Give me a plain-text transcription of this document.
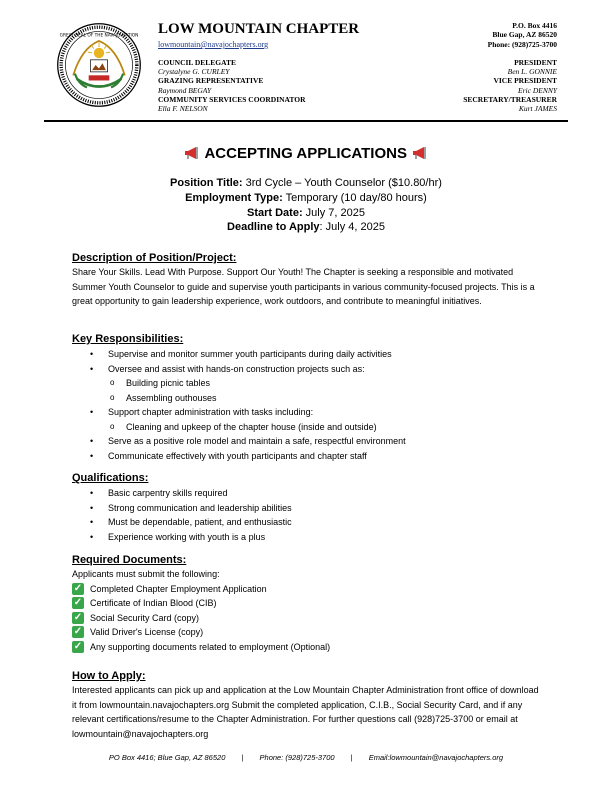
GREAT SEAL OF THE NAVAJO NATION LOW MOUNTAIN CHAPTER
lowmountain@navajochapters.org
COUNCIL DELEGATE
Crystalyne G. CURLEY
GRAZING REPRESENTATIVE
Raymond BEGAY
COMMUNITY SERVICES COORDINATOR
Ella F. NELSON
P.O. Box 4416
Blue Gap, AZ 86520
Phone: (928)725-3700
PRESIDENT
Ben L. GONNIE
VICE PRESIDENT
Eric DENNY
SECRETARY/TREASURER
Kurt JAMES
ACCEPTING APPLICATIONS
Position Title: 3rd Cycle – Youth Counselor ($10.80/hr)
Employment Type: Temporary (10 day/80 hours)
Start Date: July 7, 2025
Deadline to Apply: July 4, 2025

Description of Position/Project:

Share Your Skills. Lead With Purpose. Support Our Youth! The Chapter is seeking a responsible and motivated Summer Youth Counselor to guide and supervise youth participants in various community-focused projects. This is a great opportunity to gain leadership experience, work outdoors, and contribute to meaningful initiatives.

Key Responsibilities:

• Supervise and monitor summer youth participants during daily activities
• Oversee and assist with hands-on construction projects such as:
o Building picnic tables
o Assembling outhouses
• Support chapter administration with tasks including:
o Cleaning and upkeep of the chapter house (inside and outside)
• Serve as a positive role model and maintain a safe, respectful environment
• Communicate effectively with youth participants and chapter staff

Qualifications:

• Basic carpentry skills required
• Strong communication and leadership abilities
• Must be dependable, patient, and enthusiastic
• Experience working with youth is a plus

Required Documents:

Applicants must submit the following:

✓ Completed Chapter Employment Application
✓ Certificate of Indian Blood (CIB)
✓ Social Security Card (copy)
✓ Valid Driver's License (copy)
✓ Any supporting documents related to employment (Optional)

How to Apply:

Interested applicants can pick up and application at the Low Mountain Chapter Administration front office of download it from lowmountain.navajochapters.org Submit the completed application, C.I.B., Social Security Card, and if any relevant certifications/resume to the Chapter Administration. For further questions call (928)725-3700 or email at lowmountain@navajochapters.org

PO Box 4416; Blue Gap, AZ 86520 | Phone: (928)725-3700 | Email:lowmountain@navajochapters.org
